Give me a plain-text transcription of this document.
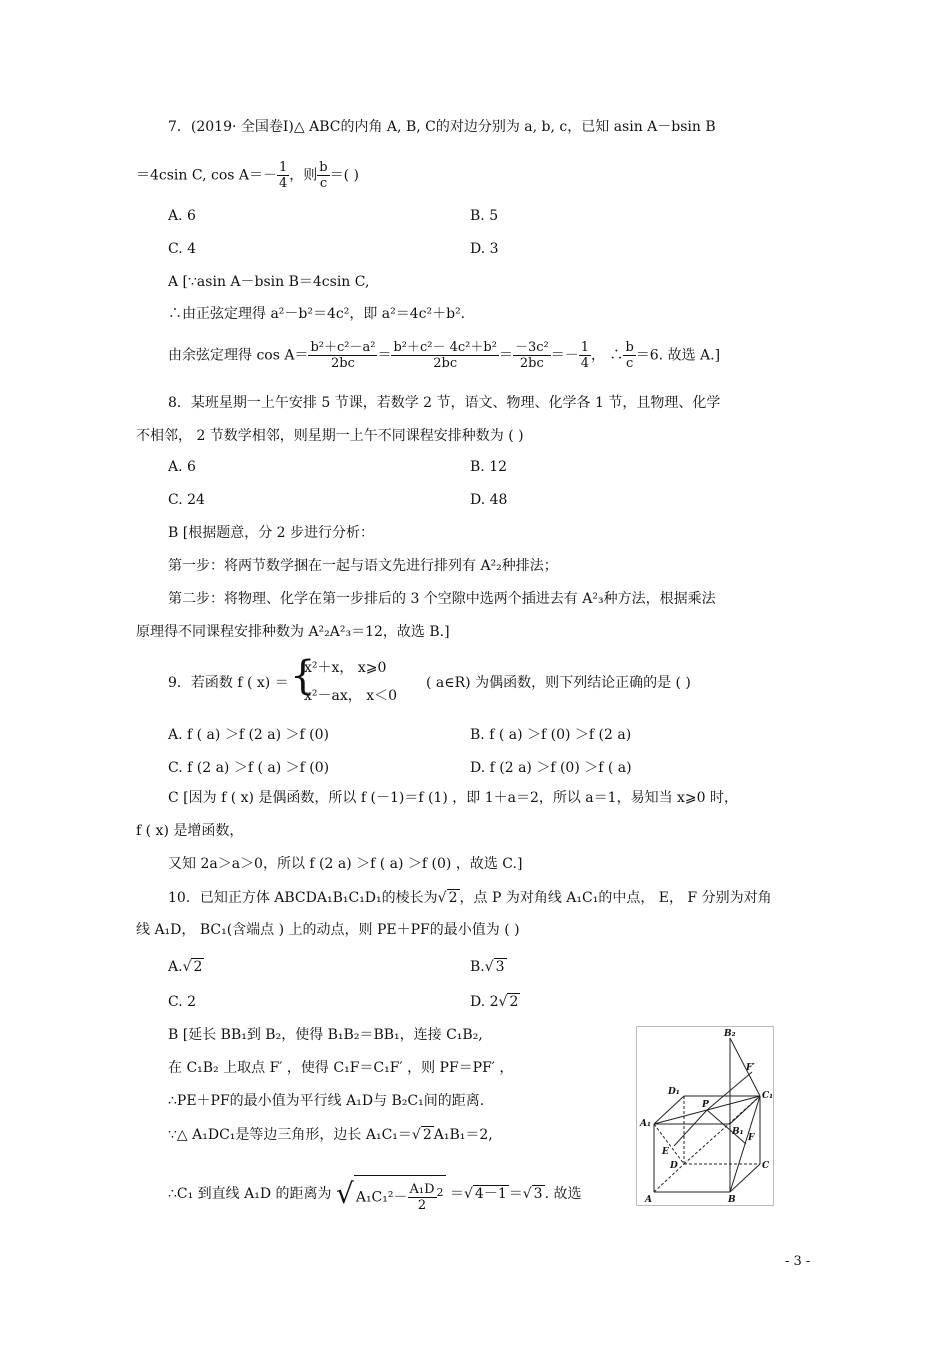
7．(2019· 全国卷Ⅰ)△ ABC的内角 A, B, C的对边分别为 a, b, c，已知 asin A－bsin B
＝4csin C, $\cos A=- \frac{1}{4}$ ，则 $\frac{b}{c}$ ＝( )
A. 6	B. 5
C. 4	D. 3
A [∵asin A－bsin B＝4csin C,
∴由正弦定理得 a²－b²＝4c²，即 a²＝4c²＋b².
由余弦定理得 $\cos A= \frac{\text{b²＋c²－a²}}{2bc} = \frac{\text{b²＋c²－ 4c²＋b²}}{2bc} = \frac{\text{－3c²}}{2bc} =- \frac{1}{4}$ ， ∴ $\frac{b}{c} =6$. 故选 A.]
8．某班星期一上午安排 5 节课，若数学 2 节，语文、物理、化学各 1 节，且物理、化学
不相邻， 2 节数学相邻，则星期一上午不同课程安排种数为 ( )
A. 6	B. 12
C. 24	D. 48
B [根据题意，分 2 步进行分析：
第一步：将两节数学捆在一起与语文先进行排列有 A²₂种排法；
第二步：将物理、化学在第一步排后的 3 个空隙中选两个插进去有 A²₃种方法，根据乘法
原理得不同课程安排种数为 A²₂A²₃＝12，故选 B.]
9．若函数 f ( x) ＝ {
x²＋x， x⩾0
x²－ax， x＜0
( a∈R) 为偶函数，则下列结论正确的是 ( )
A. f ( a) ＞f (2 a) ＞f (0)	B. f ( a) ＞f (0) ＞f (2 a)
C. f (2 a) ＞f ( a) ＞f (0)	D. f (2 a) ＞f (0) ＞f ( a)
C [因为 f ( x) 是偶函数，所以 f (－1)＝f (1) ，即 1＋a＝2，所以 a＝1，易知当 x⩾0 时，
f ( x) 是增函数，
又知 2a＞a＞0，所以 f (2 a) ＞f ( a) ＞f (0) ，故选 C.]
10．已知正方体 ABCDA₁B₁C₁D₁的棱长为√ 2 ，点 P 为对角线 A₁C₁的中点， E， F 分别为对角
线 A₁D， BC₁(含端点 ) 上的动点，则 PE＋PF的最小值为 ( )
A.√ 2	B.√ 3
C. 2	D. 2√ 2
B [延长 BB₁到 B₂，使得 B₁B₂＝BB₁，连接 C₁B₂,
在 C₁B₂ 上取点 F′ ，使得 C₁F＝C₁F′ ，则 PF＝PF′ ，
∴PE＋PF的最小值为平行线 A₁D与 B₂C₁间的距离.
∵△ A₁DC₁是等边三角形，边长 A₁C₁＝√ 2 A₁B₁＝2,
∴C₁ 到直线 A₁D 的距离为 √ $A_1C_1^2- \frac{\text{A₁D}}{2} ^2$ ＝√ 4－1 ＝√ 3 . 故选	A	B
C
D
A₁
B₁
C₁
D₁
B₂
P
E
F
F′
- 3 -
